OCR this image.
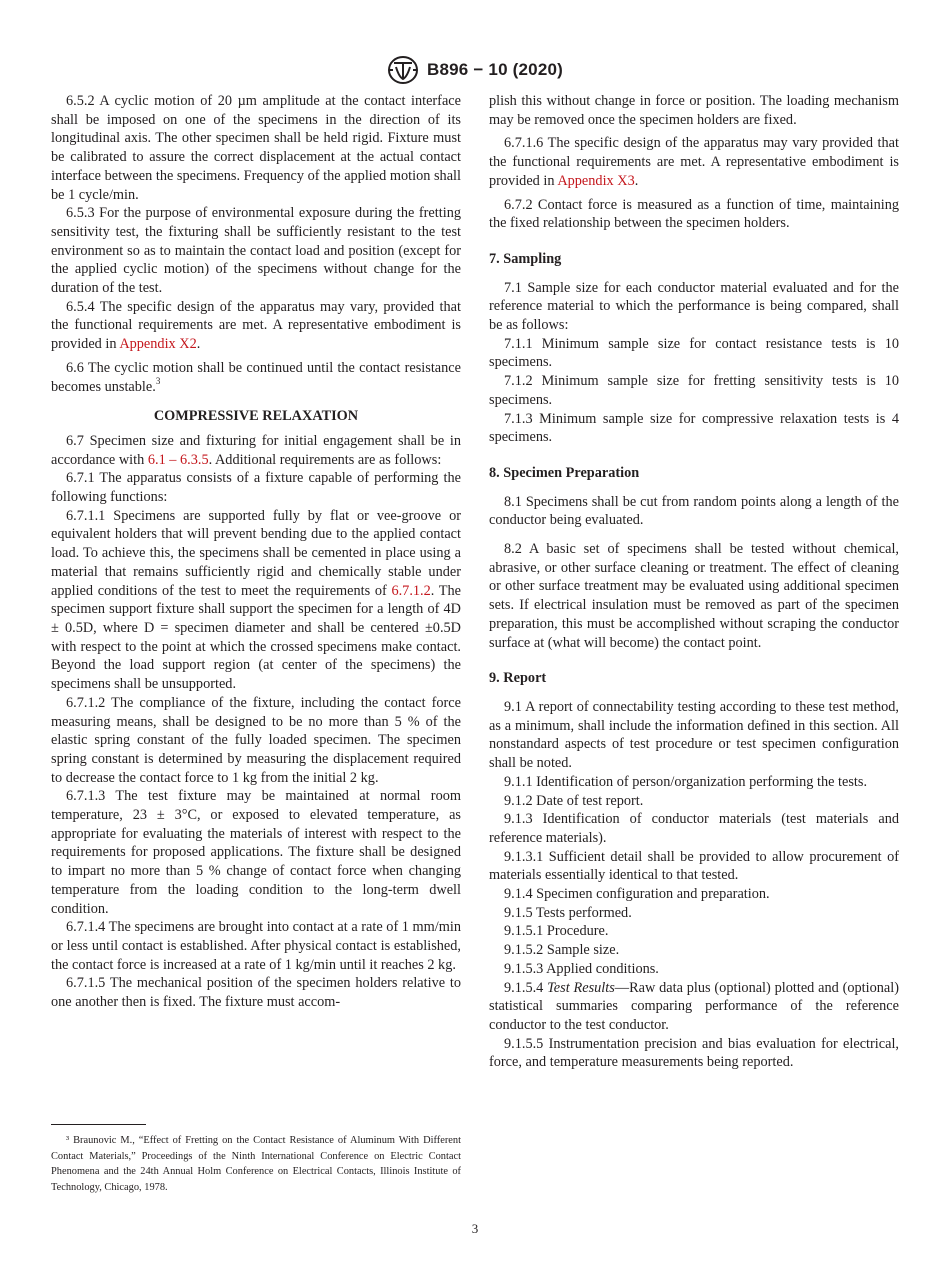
B896 − 10 (2020)

6.5.2 A cyclic motion of 20 µm amplitude at the contact interface shall be imposed on one of the specimens in the direction of its longitudinal axis. The other specimen shall be held rigid. Fixture must be calibrated to assure the correct displacement at the actual contact interface between the specimens. Frequency of the applied motion shall be 1 cycle/min.

6.5.3 For the purpose of environmental exposure during the fretting sensitivity test, the fixturing shall be sufficiently resistant to the test environment so as to maintain the contact load and position (except for the applied cyclic motion) of the specimens without change for the duration of the test.

6.5.4 The specific design of the apparatus may vary, provided that the functional requirements are met. A representative embodiment is provided in Appendix X2.

6.6 The cyclic motion shall be continued until the contact resistance becomes unstable.$^3$

COMPRESSIVE RELAXATION

6.7 Specimen size and fixturing for initial engagement shall be in accordance with 6.1 – 6.3.5. Additional requirements are as follows:

6.7.1 The apparatus consists of a fixture capable of performing the following functions:

6.7.1.1 Specimens are supported fully by flat or vee-groove or equivalent holders that will prevent bending due to the applied contact load. To achieve this, the specimens shall be cemented in place using a material that remains sufficiently rigid and chemically stable under applied conditions of the test to meet the requirements of 6.7.1.2. The specimen support fixture shall support the specimen for a length of 4D ± 0.5D, where D = specimen diameter and shall be centered ±0.5D with respect to the point at which the crossed specimens make contact. Beyond the load support region (at center of the specimens) the specimens shall be unsupported.

6.7.1.2 The compliance of the fixture, including the contact force measuring means, shall be designed to be no more than 5 % of the elastic spring constant of the fully loaded specimen. The specimen spring constant is determined by measuring the displacement required to decrease the contact force to 1 kg from the initial 2 kg.

6.7.1.3 The test fixture may be maintained at normal room temperature, 23 ± 3°C, or exposed to elevated temperature, as appropriate for evaluating the materials of interest with respect to the requirements for proposed applications. The fixture shall be designed to impart no more than 5 % change of contact force when changing temperature from the loading condition to the long-term dwell condition.

6.7.1.4 The specimens are brought into contact at a rate of 1 mm/min or less until contact is established. After physical contact is established, the contact force is increased at a rate of 1 kg/min until it reaches 2 kg.

6.7.1.5 The mechanical position of the specimen holders relative to one another then is fixed. The fixture must accom-

³ Braunovic M., “Effect of Fretting on the Contact Resistance of Aluminum With Different Contact Materials,” Proceedings of the Ninth International Conference on Electric Contact Phenomena and the 24th Annual Holm Conference on Electrical Contacts, Illinois Institute of Technology, Chicago, 1978.

plish this without change in force or position. The loading mechanism may be removed once the specimen holders are fixed.

6.7.1.6 The specific design of the apparatus may vary provided that the functional requirements are met. A representative embodiment is provided in Appendix X3.

6.7.2 Contact force is measured as a function of time, maintaining the fixed relationship between the specimen holders.

7. Sampling

7.1 Sample size for each conductor material evaluated and for the reference material to which the performance is being compared, shall be as follows:

7.1.1 Minimum sample size for contact resistance tests is 10 specimens.

7.1.2 Minimum sample size for fretting sensitivity tests is 10 specimens.

7.1.3 Minimum sample size for compressive relaxation tests is 4 specimens.

8. Specimen Preparation

8.1 Specimens shall be cut from random points along a length of the conductor being evaluated.

8.2 A basic set of specimens shall be tested without chemical, abrasive, or other surface cleaning or treatment. The effect of cleaning or other surface treatment may be evaluated using additional specimen sets. If electrical insulation must be removed as part of the specimen preparation, this must be accomplished without scraping the conductor surface at (what will become) the contact point.

9. Report

9.1 A report of connectability testing according to these test method, as a minimum, shall include the information defined in this section. All nonstandard aspects of test procedure or test specimen configuration shall be noted.

9.1.1 Identification of person/organization performing the tests.

9.1.2 Date of test report.

9.1.3 Identification of conductor materials (test materials and reference materials).

9.1.3.1 Sufficient detail shall be provided to allow procurement of materials essentially identical to that tested.

9.1.4 Specimen configuration and preparation.

9.1.5 Tests performed.

9.1.5.1 Procedure.

9.1.5.2 Sample size.

9.1.5.3 Applied conditions.

9.1.5.4 Test Results—Raw data plus (optional) plotted and (optional) statistical summaries comparing performance of the reference conductor to the test conductor.

9.1.5.5 Instrumentation precision and bias evaluation for electrical, force, and temperature measurements being reported.

3
